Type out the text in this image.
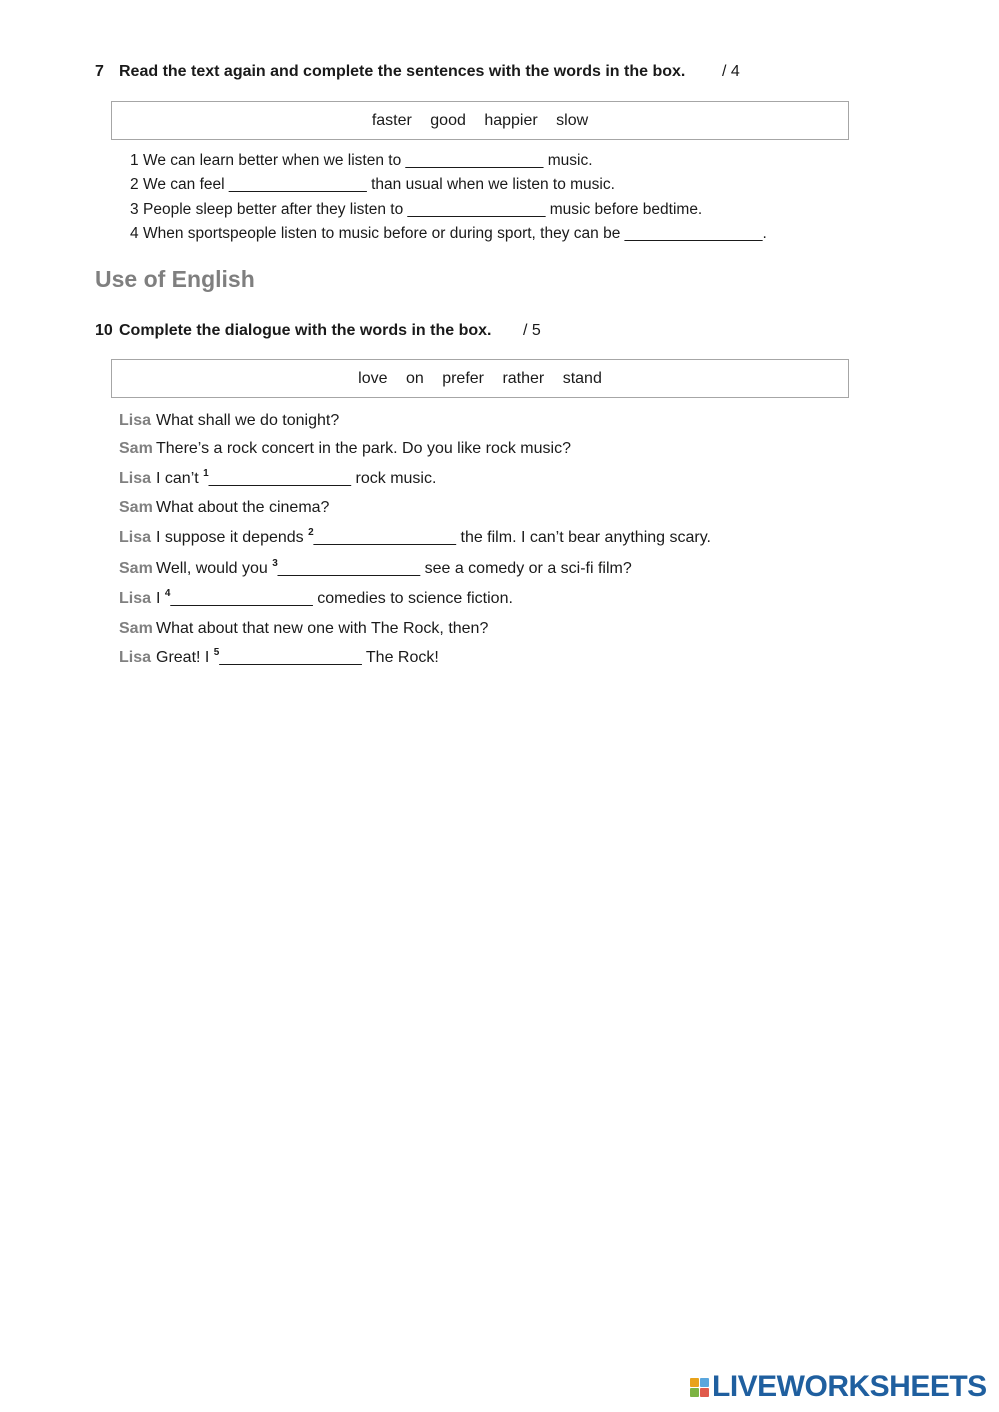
7 Read the text again and complete the sentences with the words in the box. / 4
faster good happier slow
1 We can learn better when we listen to ________________ music.
2 We can feel ________________ than usual when we listen to music.
3 People sleep better after they listen to ________________ music before bedtime.
4 When sportspeople listen to music before or during sport, they can be ________________.
Use of English
10 Complete the dialogue with the words in the box. / 5
love on prefer rather stand
Lisa What shall we do tonight?
Sam There’s a rock concert in the park. Do you like rock music?
Lisa I can’t $^1$________________ rock music.
Sam What about the cinema?
Lisa I suppose it depends $^2$________________ the film. I can’t bear anything scary.
Sam Well, would you $^3$________________ see a comedy or a sci-fi film?
Lisa I $^4$________________ comedies to science fiction.
Sam What about that new one with The Rock, then?
Lisa Great! I $^5$________________ The Rock!
LIVEWORKSHEETS
